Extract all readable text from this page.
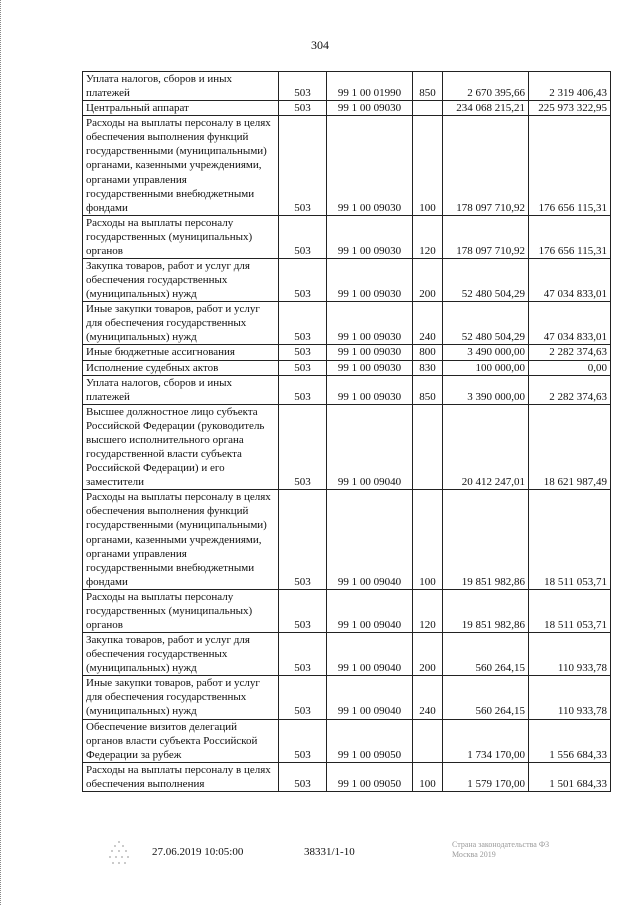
304
Уплата налогов, сборов и иных платежей	503	99 1 00 01990	850	2 670 395,66	2 319 406,43
Центральный аппарат	503	99 1 00 09030		234 068 215,21	225 973 322,95
Расходы на выплаты персоналу в целях обеспечения выполнения функций государственными (муниципальными) органами, казенными учреждениями, органами управления государственными внебюджетными фондами	503	99 1 00 09030	100	178 097 710,92	176 656 115,31
Расходы на выплаты персоналу государственных (муниципальных) органов	503	99 1 00 09030	120	178 097 710,92	176 656 115,31
Закупка товаров, работ и услуг для обеспечения государственных (муниципальных) нужд	503	99 1 00 09030	200	52 480 504,29	47 034 833,01
Иные закупки товаров, работ и услуг для обеспечения государственных (муниципальных) нужд	503	99 1 00 09030	240	52 480 504,29	47 034 833,01
Иные бюджетные ассигнования	503	99 1 00 09030	800	3 490 000,00	2 282 374,63
Исполнение судебных актов	503	99 1 00 09030	830	100 000,00	0,00
Уплата налогов, сборов и иных платежей	503	99 1 00 09030	850	3 390 000,00	2 282 374,63
Высшее должностное лицо субъекта Российской Федерации (руководитель высшего исполнительного органа государственной власти субъекта Российской Федерации) и его заместители	503	99 1 00 09040		20 412 247,01	18 621 987,49
Расходы на выплаты персоналу в целях обеспечения выполнения функций государственными (муниципальными) органами, казенными учреждениями, органами управления государственными внебюджетными фондами	503	99 1 00 09040	100	19 851 982,86	18 511 053,71
Расходы на выплаты персоналу государственных (муниципальных) органов	503	99 1 00 09040	120	19 851 982,86	18 511 053,71
Закупка товаров, работ и услуг для обеспечения государственных (муниципальных) нужд	503	99 1 00 09040	200	560 264,15	110 933,78
Иные закупки товаров, работ и услуг для обеспечения государственных (муниципальных) нужд	503	99 1 00 09040	240	560 264,15	110 933,78
Обеспечение визитов делегаций органов власти субъекта Российской Федерации за рубеж	503	99 1 00 09050		1 734 170,00	1 556 684,33
Расходы на выплаты персоналу в целях обеспечения выполнения	503	99 1 00 09050	100	1 579 170,00	1 501 684,33
27.06.2019 10:05:00	38331/1-10
Страна законодательства ФЗ
Москва 2019
